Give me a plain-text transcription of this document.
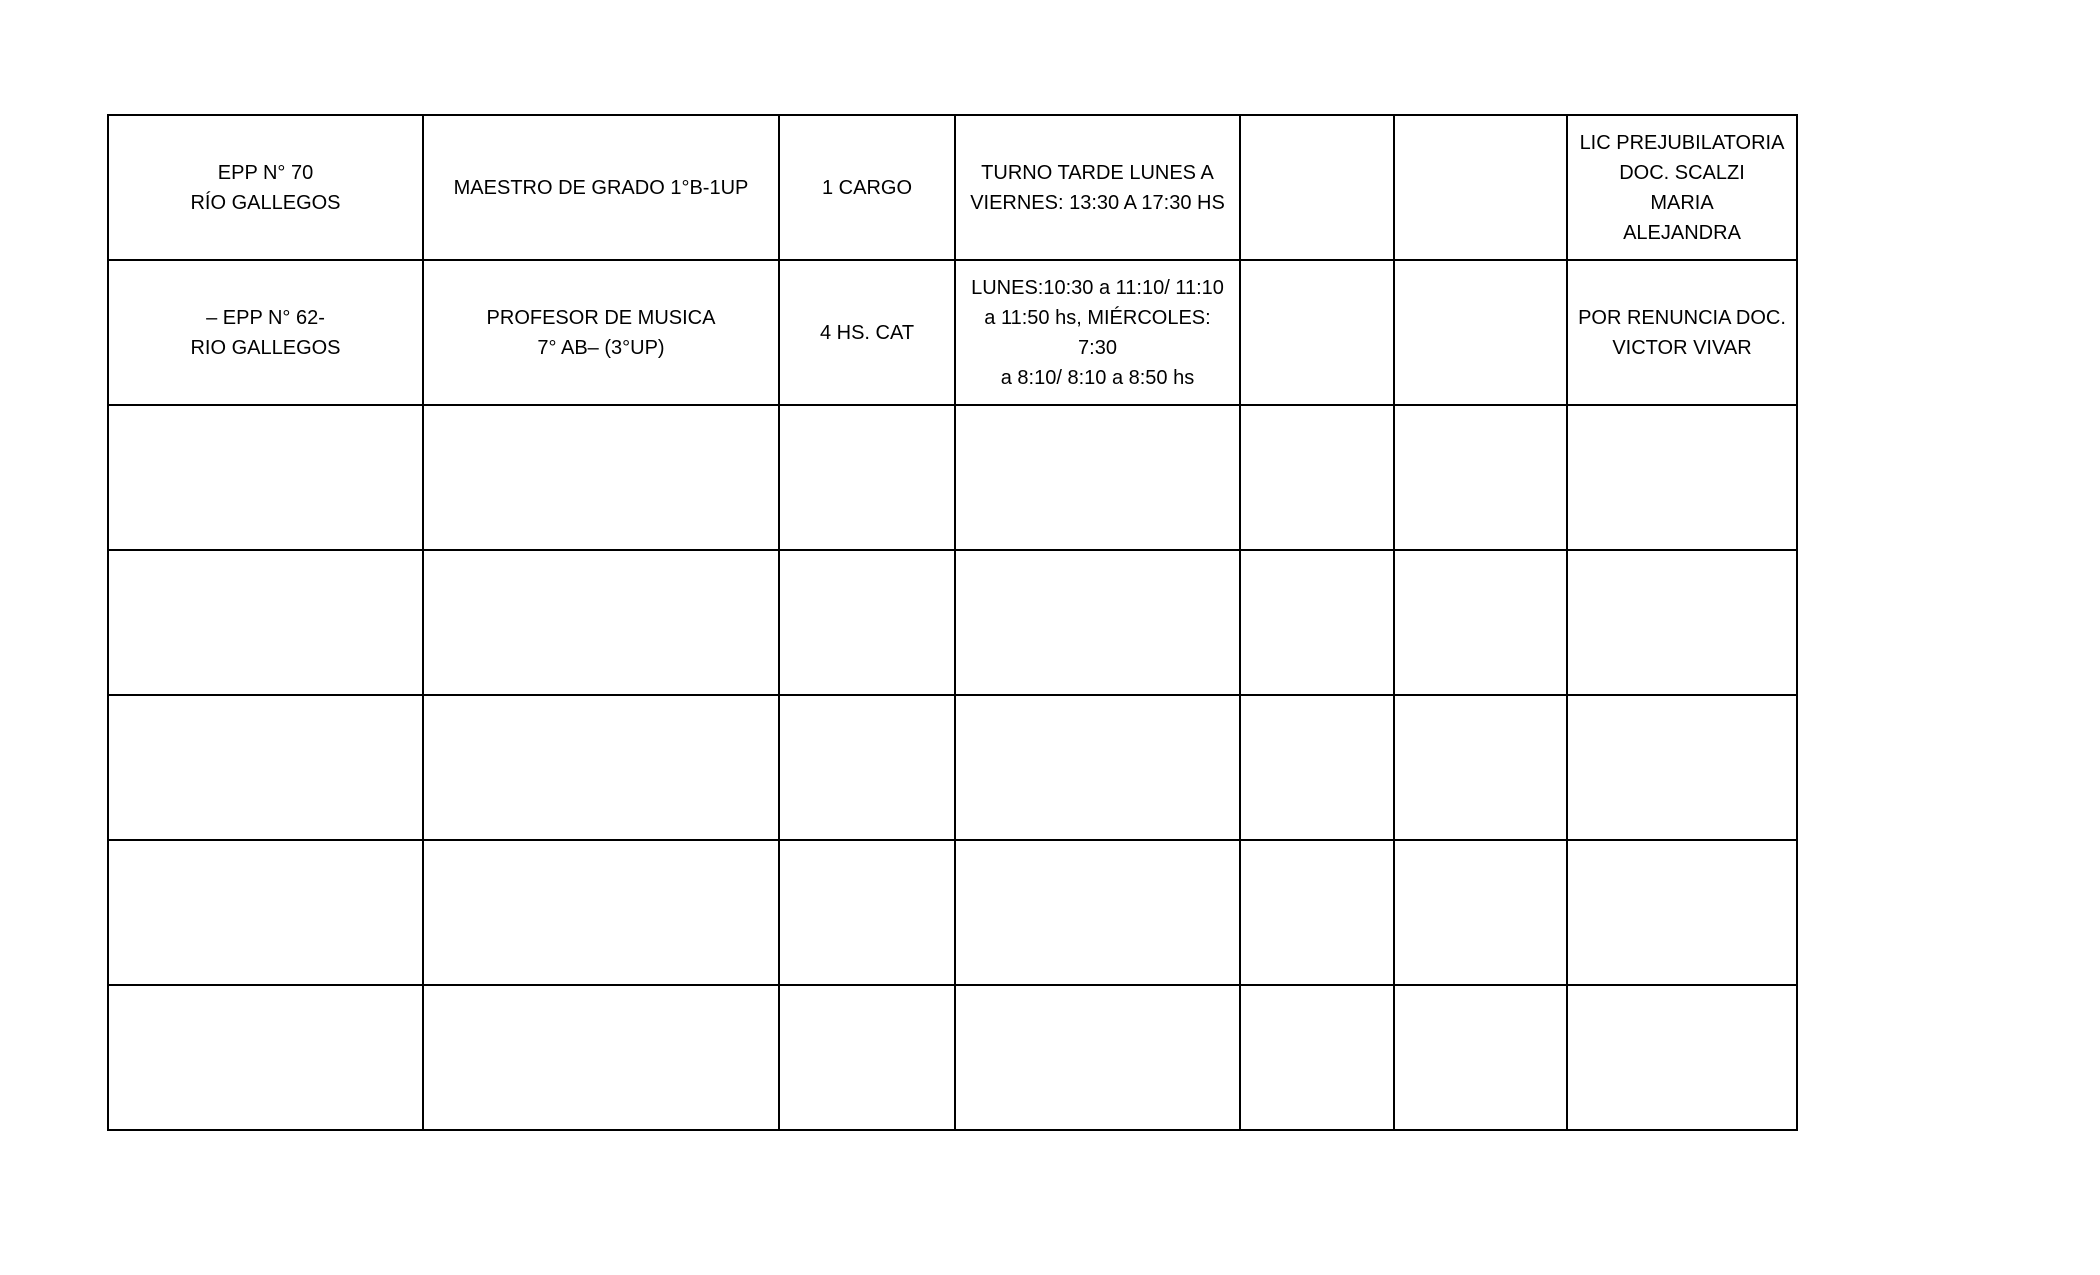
EPP N° 70
RÍO GALLEGOS	MAESTRO DE GRADO 1°B-1UP	1 CARGO	TURNO TARDE LUNES A
VIERNES: 13:30 A 17:30 HS			LIC PREJUBILATORIA
DOC. SCALZI
MARIA
ALEJANDRA
– EPP N° 62-
RIO GALLEGOS	PROFESOR DE MUSICA
7° AB– (3°UP)	4 HS. CAT	LUNES:10:30 a 11:10/ 11:10
a 11:50 hs, MIÉRCOLES: 7:30
a 8:10/ 8:10 a 8:50 hs			POR RENUNCIA DOC.
VICTOR VIVAR
